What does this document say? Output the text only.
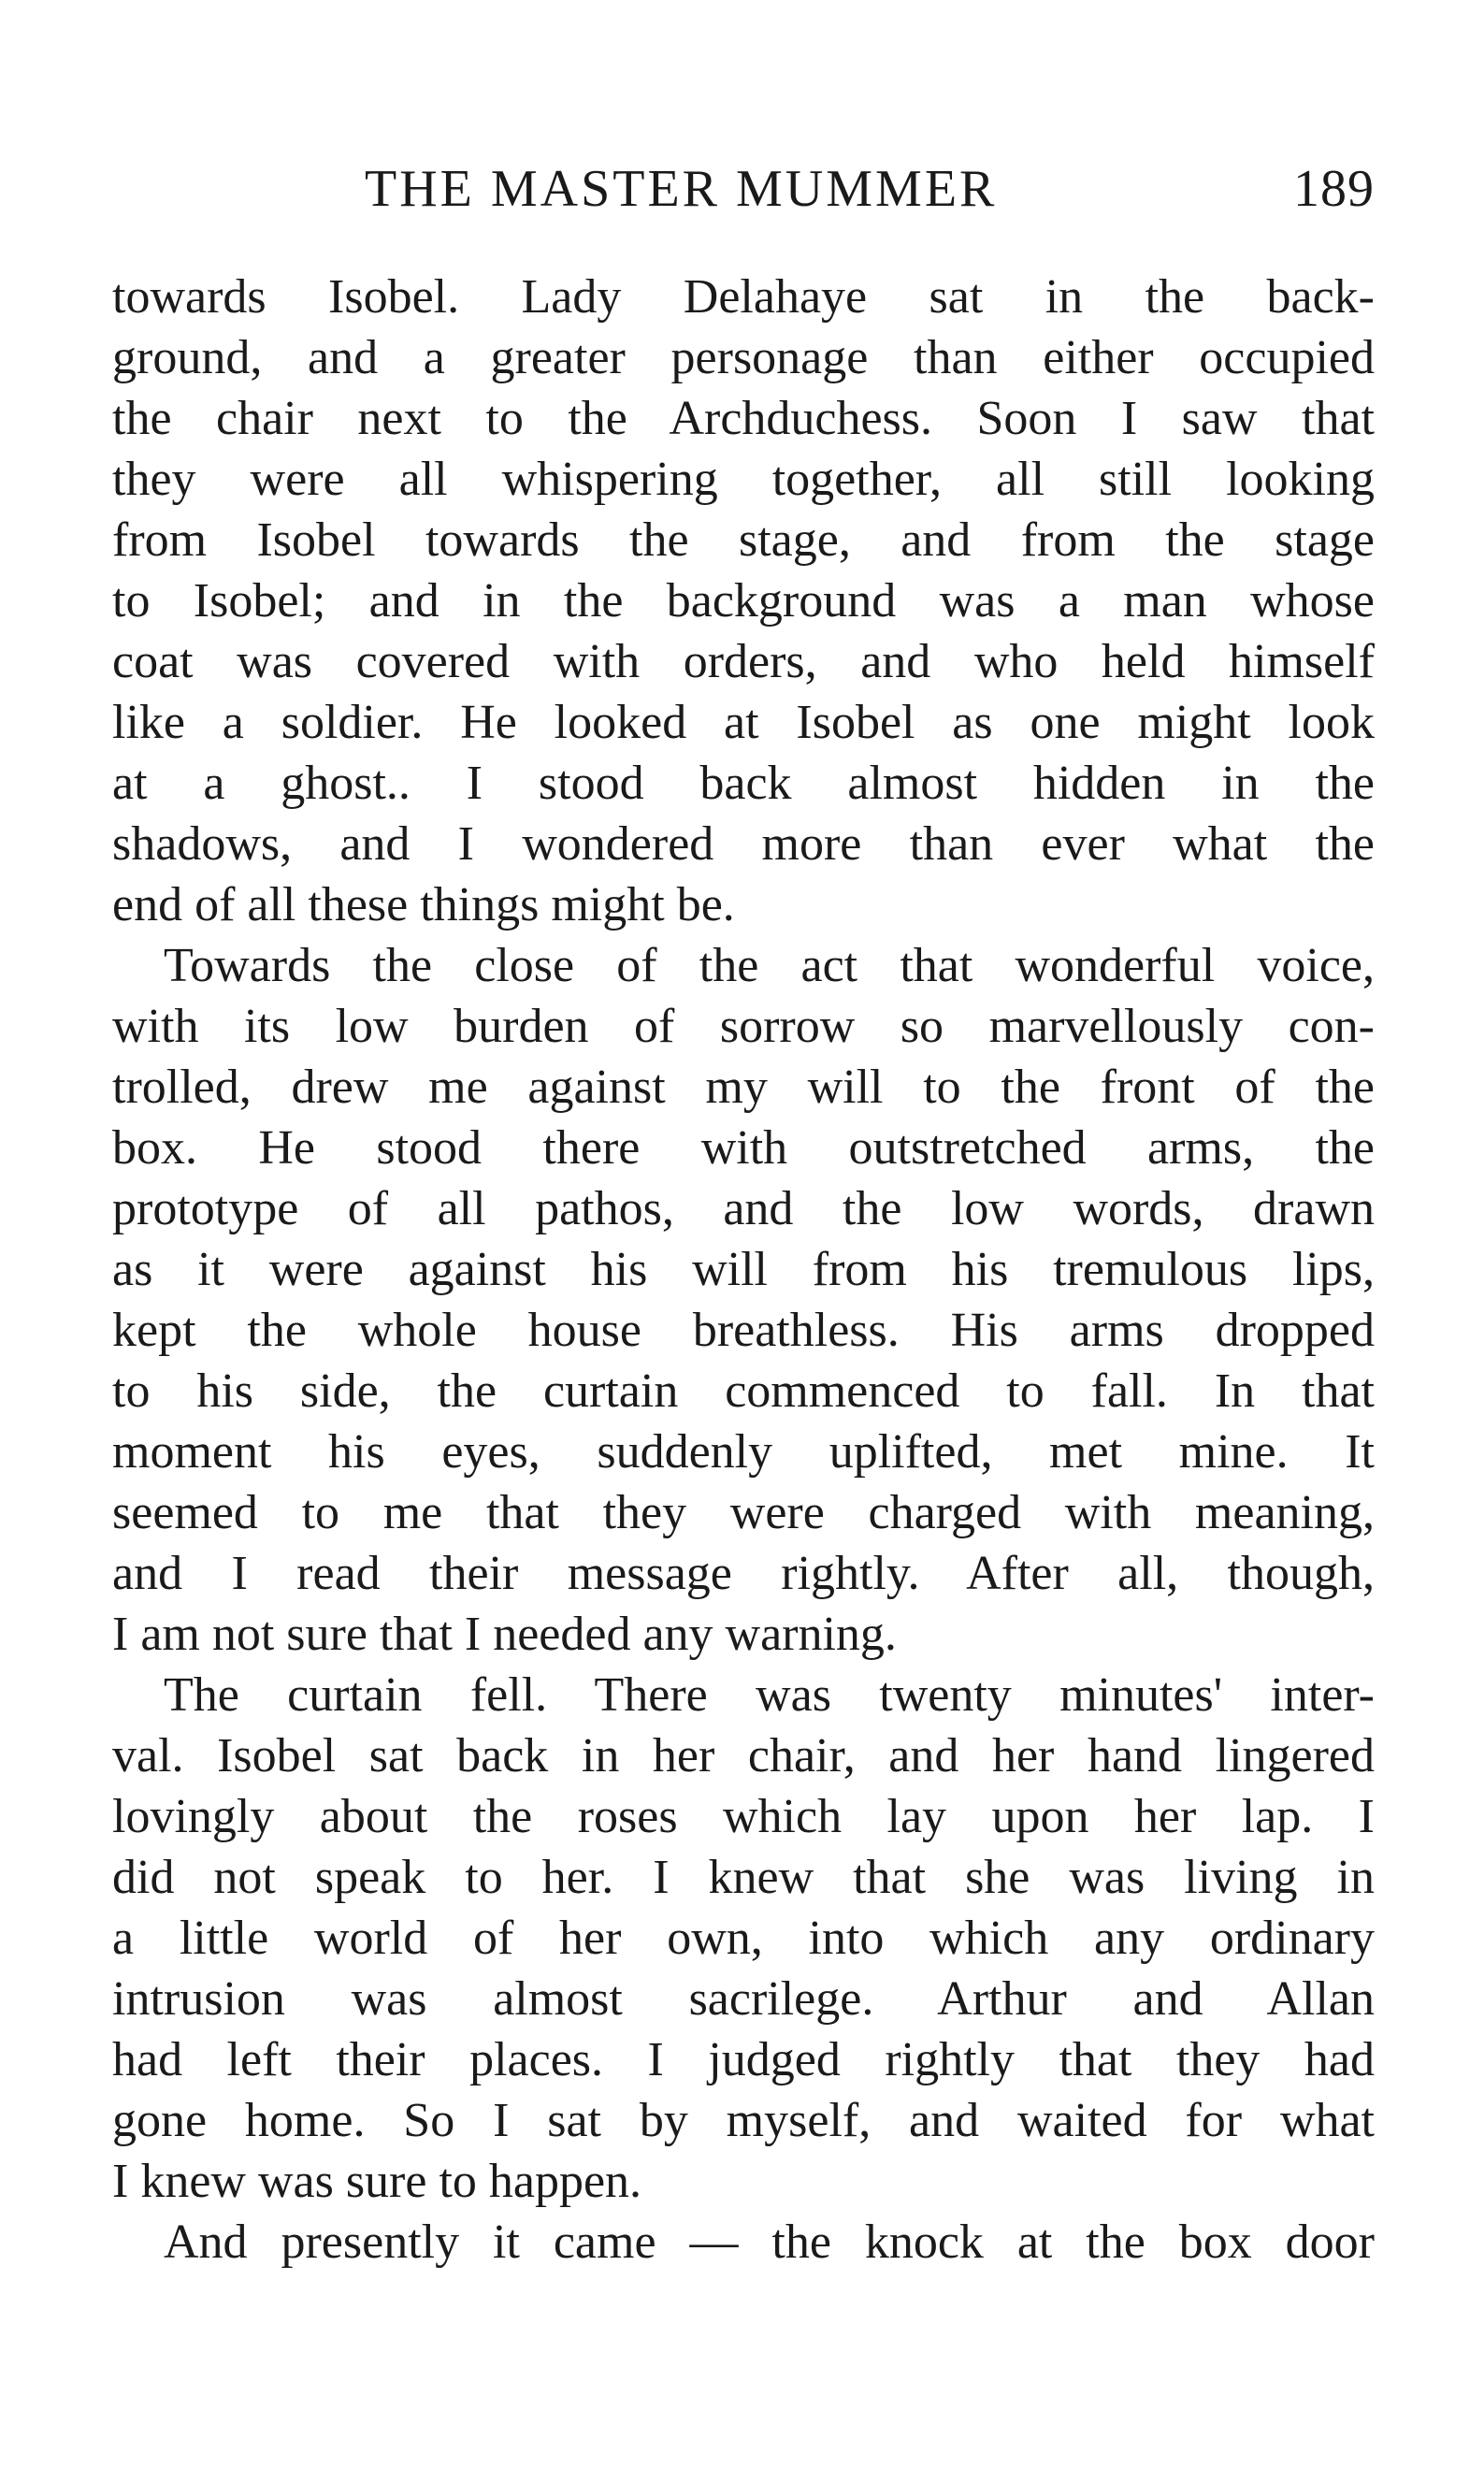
THE MASTER MUMMER	189
towards Isobel. Lady Delahaye sat in the back-
ground, and a greater personage than either occupied
the chair next to the Archduchess. Soon I saw that
they were all whispering together, all still looking
from Isobel towards the stage, and from the stage
to Isobel; and in the background was a man whose
coat was covered with orders, and who held himself
like a soldier. He looked at Isobel as one might look
at a ghost.. I stood back almost hidden in the
shadows, and I wondered more than ever what the
end of all these things might be.
Towards the close of the act that wonderful voice,
with its low burden of sorrow so marvellously con-
trolled, drew me against my will to the front of the
box. He stood there with outstretched arms, the
prototype of all pathos, and the low words, drawn
as it were against his will from his tremulous lips,
kept the whole house breathless. His arms dropped
to his side, the curtain commenced to fall. In that
moment his eyes, suddenly uplifted, met mine. It
seemed to me that they were charged with meaning,
and I read their message rightly. After all, though,
I am not sure that I needed any warning.
The curtain fell. There was twenty minutes' inter-
val. Isobel sat back in her chair, and her hand lingered
lovingly about the roses which lay upon her lap. I
did not speak to her. I knew that she was living in
a little world of her own, into which any ordinary
intrusion was almost sacrilege. Arthur and Allan
had left their places. I judged rightly that they had
gone home. So I sat by myself, and waited for what
I knew was sure to happen.
And presently it came — the knock at the box door
